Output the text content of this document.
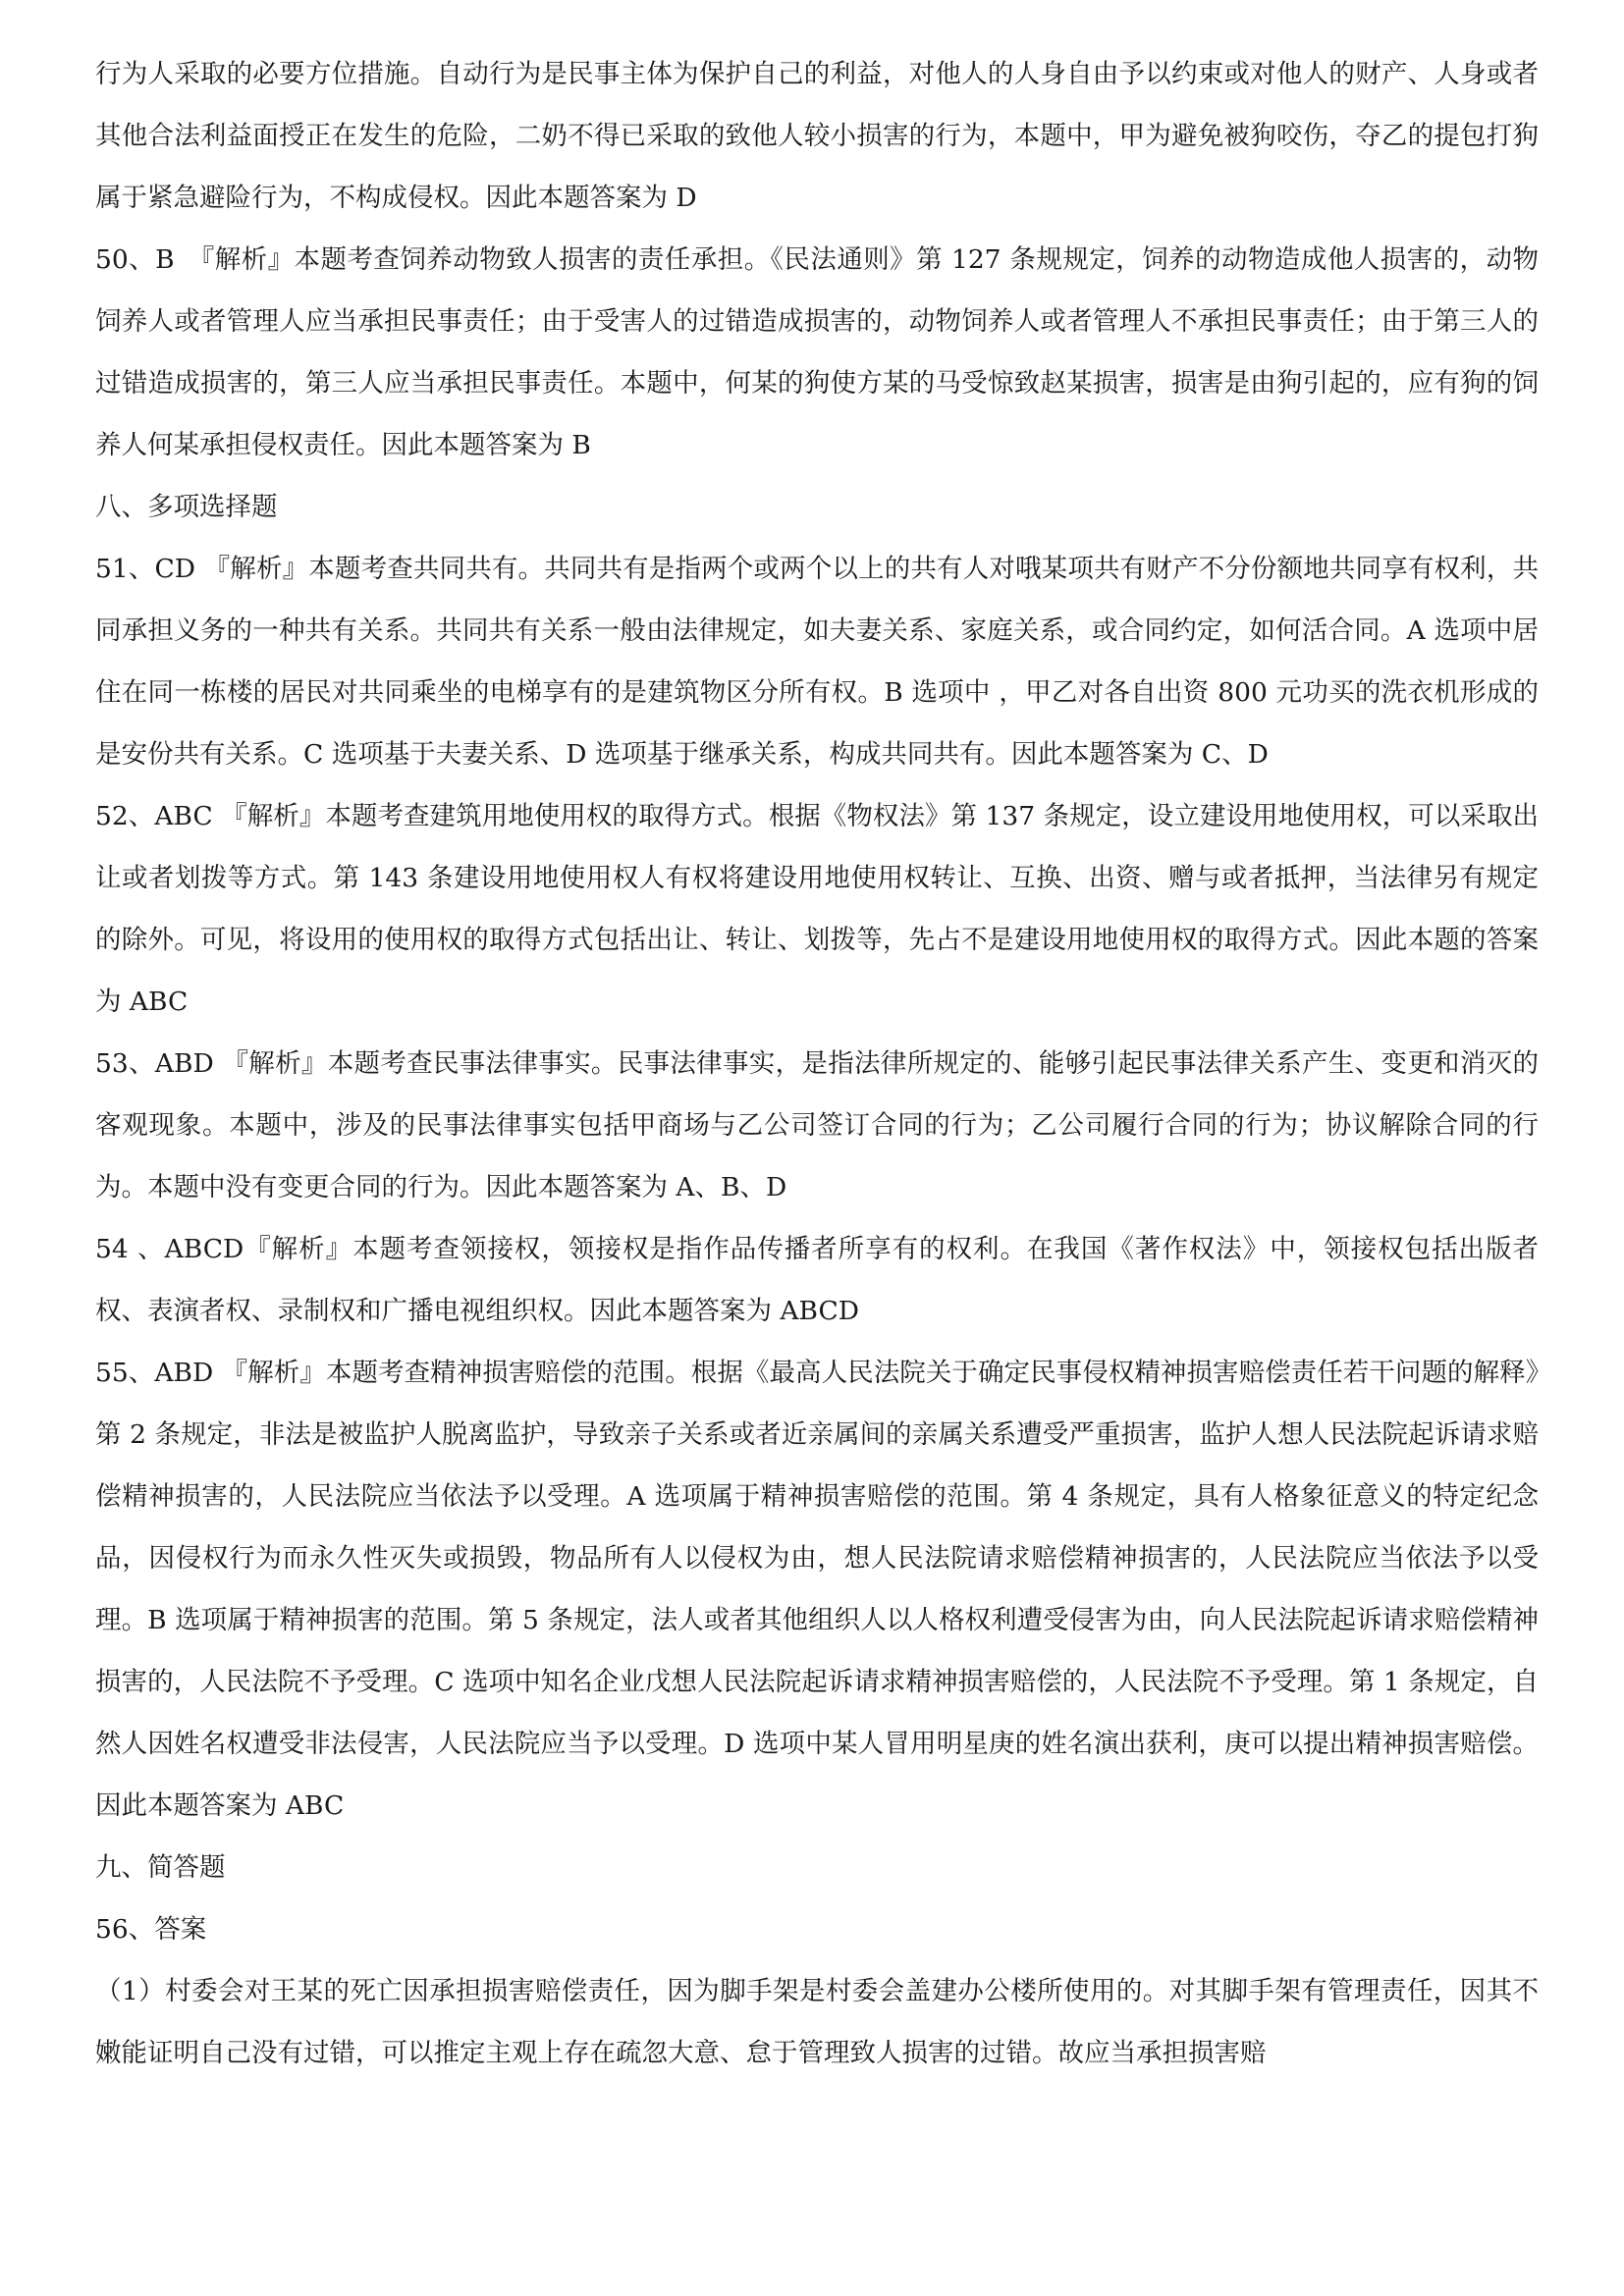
行为人采取的必要方位措施。自动行为是民事主体为保护自己的利益，对他人的人身自由予以约束或对他人的财产、人身或者其他合法利益面授正在发生的危险，二奶不得已采取的致他人较小损害的行为，本题中，甲为避免被狗咬伤，夺乙的提包打狗属于紧急避险行为，不构成侵权。因此本题答案为 D

50、B　『解析』本题考查饲养动物致人损害的责任承担。《民法通则》第 127 条规规定，饲养的动物造成他人损害的，动物饲养人或者管理人应当承担民事责任；由于受害人的过错造成损害的，动物饲养人或者管理人不承担民事责任；由于第三人的过错造成损害的，第三人应当承担民事责任。本题中，何某的狗使方某的马受惊致赵某损害，损害是由狗引起的，应有狗的饲养人何某承担侵权责任。因此本题答案为 B

八、多项选择题

51、CD 『解析』本题考查共同共有。共同共有是指两个或两个以上的共有人对哦某项共有财产不分份额地共同享有权利，共同承担义务的一种共有关系。共同共有关系一般由法律规定，如夫妻关系、家庭关系，或合同约定，如何活合同。A 选项中居住在同一栋楼的居民对共同乘坐的电梯享有的是建筑物区分所有权。B 选项中 ，甲乙对各自出资 800 元功买的洗衣机形成的是安份共有关系。C 选项基于夫妻关系、D 选项基于继承关系，构成共同共有。因此本题答案为 C、D

52、ABC 『解析』本题考查建筑用地使用权的取得方式。根据《物权法》第 137 条规定，设立建设用地使用权，可以采取出让或者划拨等方式。第 143 条建设用地使用权人有权将建设用地使用权转让、互换、出资、赠与或者抵押，当法律另有规定的除外。可见，将设用的使用权的取得方式包括出让、转让、划拨等，先占不是建设用地使用权的取得方式。因此本题的答案为 ABC

53、ABD 『解析』本题考查民事法律事实。民事法律事实，是指法律所规定的、能够引起民事法律关系产生、变更和消灭的客观现象。本题中，涉及的民事法律事实包括甲商场与乙公司签订合同的行为；乙公司履行合同的行为；协议解除合同的行为。本题中没有变更合同的行为。因此本题答案为 A、B、D

54 、ABCD『解析』本题考查领接权，领接权是指作品传播者所享有的权利。在我国《著作权法》中，领接权包括出版者权、表演者权、录制权和广播电视组织权。因此本题答案为 ABCD

55、ABD 『解析』本题考查精神损害赔偿的范围。根据《最高人民法院关于确定民事侵权精神损害赔偿责任若干问题的解释》第 2 条规定，非法是被监护人脱离监护，导致亲子关系或者近亲属间的亲属关系遭受严重损害，监护人想人民法院起诉请求赔偿精神损害的，人民法院应当依法予以受理。A 选项属于精神损害赔偿的范围。第 4 条规定，具有人格象征意义的特定纪念品，因侵权行为而永久性灭失或损毁，物品所有人以侵权为由，想人民法院请求赔偿精神损害的，人民法院应当依法予以受理。B 选项属于精神损害的范围。第 5 条规定，法人或者其他组织人以人格权利遭受侵害为由，向人民法院起诉请求赔偿精神损害的，人民法院不予受理。C 选项中知名企业戊想人民法院起诉请求精神损害赔偿的，人民法院不予受理。第 1 条规定，自然人因姓名权遭受非法侵害，人民法院应当予以受理。D 选项中某人冒用明星庚的姓名演出获利，庚可以提出精神损害赔偿。因此本题答案为 ABC

九、简答题

56、答案

（1）村委会对王某的死亡因承担损害赔偿责任，因为脚手架是村委会盖建办公楼所使用的。对其脚手架有管理责任，因其不嫩能证明自己没有过错，可以推定主观上存在疏忽大意、怠于管理致人损害的过错。故应当承担损害赔
